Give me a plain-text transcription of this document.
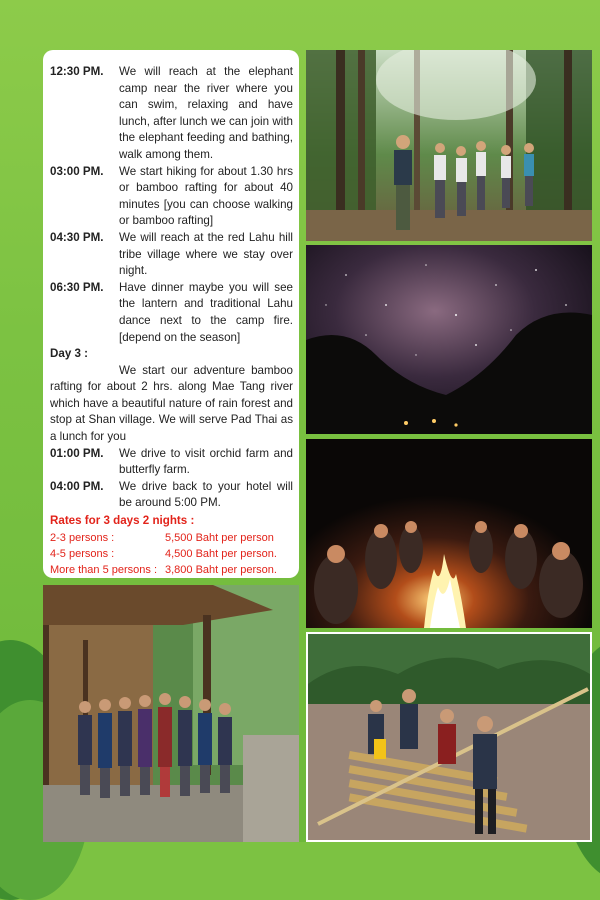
12:30 PM.	We will reach at the elephant camp near the river where you can swim, relaxing and have lunch, after lunch we can join with the elephant feeding and bathing, walk among them.
03:00 PM.	We start hiking for about 1.30 hrs or bamboo rafting for about 40 minutes [you can choose walking or bamboo rafting]
04:30 PM.	We will reach at the red Lahu hill tribe village where we stay over night.
06:30 PM.	Have dinner maybe you will see the lantern and traditional Lahu dance next to the camp fire. [depend on the season]
Day 3 :
We start our adventure bamboo rafting for about 2 hrs. along Mae Tang river which have a beautiful nature of rain forest and stop at Shan village. We will serve Pad Thai as a lunch for you
01:00 PM.	We drive to visit orchid farm and butterfly farm.
04:00 PM.	We drive back to your hotel will be around 5:00 PM.
Rates for 3 days 2 nights :
2-3 persons :	5,500 Baht per person
4-5 persons :	4,500 Baht per person.
More than 5 persons : 3,800 Baht per person.
